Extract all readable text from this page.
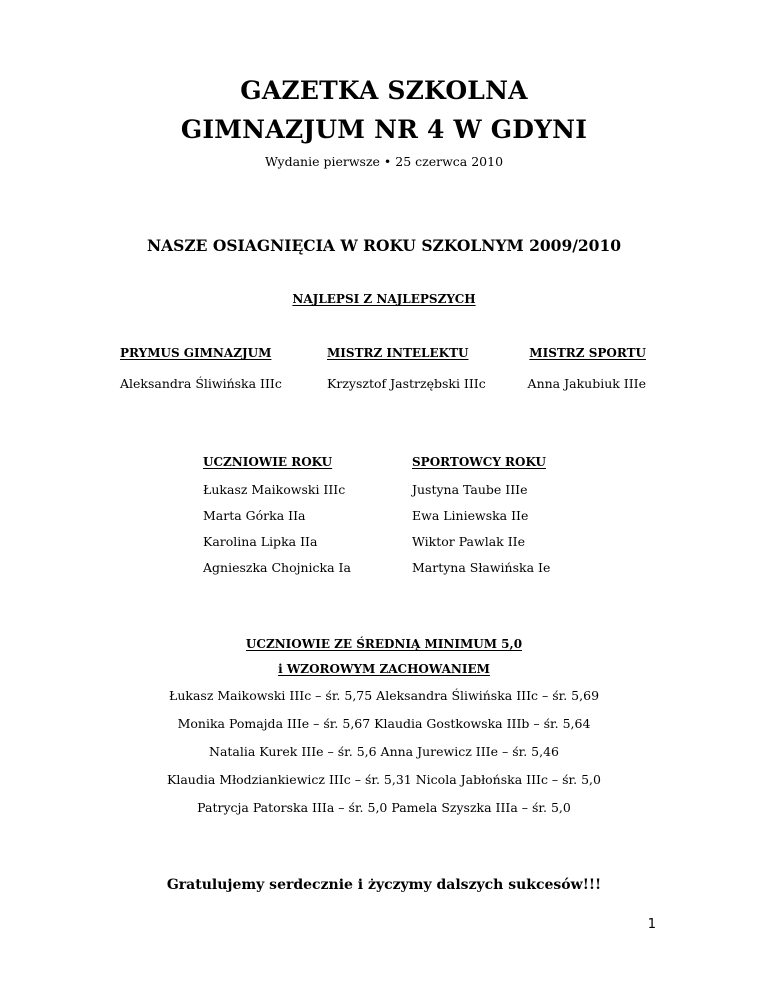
GAZETKA SZKOLNA
GIMNAZJUM NR 4 W GDYNI
Wydanie pierwsze • 25 czerwca 2010
NASZE OSIAGNIĘCIA W ROKU SZKOLNYM 2009/2010
NAJLEPSI Z NAJLEPSZYCH
PRYMUS GIMNAZJUM
Aleksandra Śliwińska IIIc
MISTRZ INTELEKTU
Krzysztof Jastrzębski IIIc
MISTRZ SPORTU
Anna Jakubiuk IIIe
UCZNIOWIE ROKU
Łukasz Maikowski IIIc
Marta Górka IIa
Karolina Lipka IIa
Agnieszka Chojnicka Ia
SPORTOWCY ROKU
Justyna Taube IIIe
Ewa Liniewska IIe
Wiktor Pawlak IIe
Martyna Sławińska Ie
UCZNIOWIE ZE ŚREDNIĄ MINIMUM 5,0
i WZOROWYM ZACHOWANIEM
Łukasz Maikowski IIIc – śr. 5,75 Aleksandra Śliwińska IIIc – śr. 5,69
Monika Pomajda IIIe – śr. 5,67 Klaudia Gostkowska IIIb – śr. 5,64
Natalia Kurek IIIe – śr. 5,6 Anna Jurewicz IIIe – śr. 5,46
Klaudia Młodziankiewicz IIIc – śr. 5,31 Nicola Jabłońska IIIc – śr. 5,0
Patrycja Patorska IIIa – śr. 5,0 Pamela Szyszka IIIa – śr. 5,0
Gratulujemy serdecznie i życzymy dalszych sukcesów!!!
1
